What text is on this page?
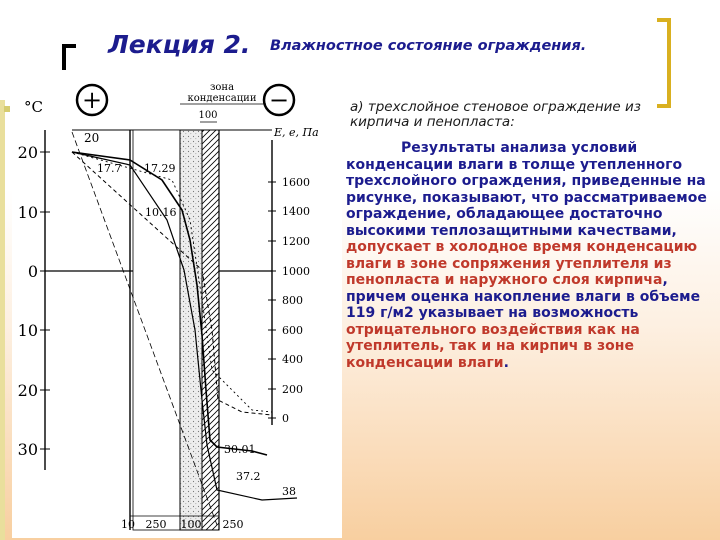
Лекция 2. Влажностное состояние ограждения.
°C
E, e, Па
+	−
зона
конденсации
100
20
10
0
10
20
30
1600
1400
1200
1000
800
600
400
200
0
20
17.7 17.29
10.16
30.01
37.2
38
10 250 100 250
а) трехслойное стеновое ограждение из кирпича и пенопласта:
Результаты анализа условий конденсации влаги в толще утепленного трехслойного ограждения, приведенные на рисунке, показывают, что рассматриваемое ограждение, обладающее достаточно высокими теплозащитными качествами, допускает в холодное время конденсацию влаги в зоне сопряжения утеплителя из пенопласта и наружного слоя кирпича, причем оценка накопление влаги в объеме 119 г/м2 указывает на возможность отрицательного воздействия как на утеплитель, так и на кирпич в зоне конденсации влаги.
